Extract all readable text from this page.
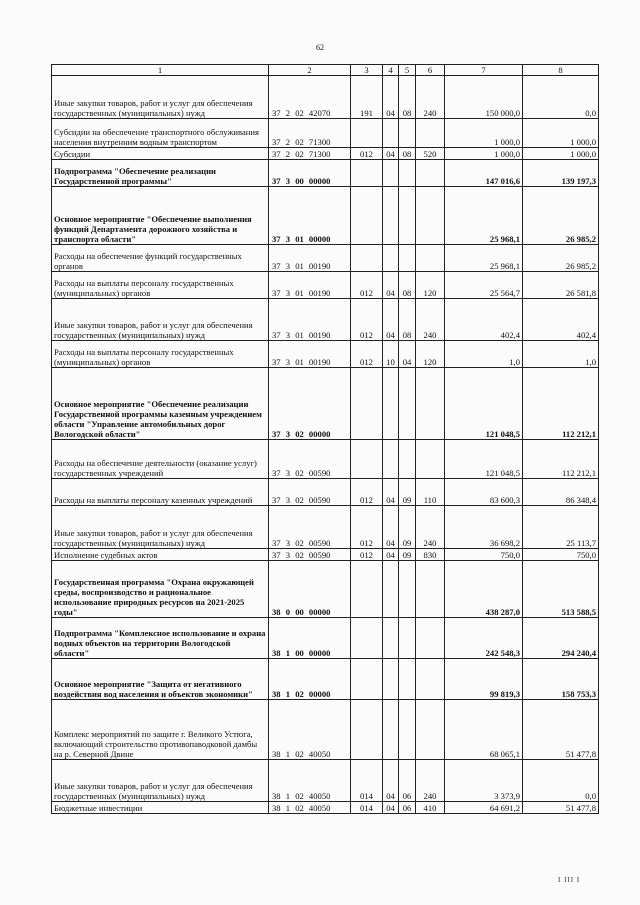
62
1	2	3	4	5	6	7	8
Иные закупки товаров, работ и услуг для обеспечения государственных (муниципальных) нужд	37 2 02 42070	191	04	08	240	150 000,0	0,0
Субсидии на обеспечение транспортного обслуживания населения внутренним водным транспортом	37 2 02 71300					1 000,0	1 000,0
Субсидии	37 2 02 71300	012	04	08	520	1 000,0	1 000,0
Подпрограмма "Обеспечение реализации Государственной программы"	37 3 00 00000					147 016,6	139 197,3
Основное мероприятие "Обеспечение выполнения функций Департамента дорожного хозяйства и транспорта области"	37 3 01 00000					25 968,1	26 985,2
Расходы на обеспечение функций государственных органов	37 3 01 00190					25 968,1	26 985,2
Расходы на выплаты персоналу государственных (муниципальных) органов	37 3 01 00190	012	04	08	120	25 564,7	26 581,8
Иные закупки товаров, работ и услуг для обеспечения государственных (муниципальных) нужд	37 3 01 00190	012	04	08	240	402,4	402,4
Расходы на выплаты персоналу государственных (муниципальных) органов	37 3 01 00190	012	10	04	120	1,0	1,0
Основное мероприятие "Обеспечение реализации Государственной программы казенным учреждением области "Управление автомобильных дорог Вологодской области"	37 3 02 00000					121 048,5	112 212,1
Расходы на обеспечение деятельности (оказание услуг) государственных учреждений	37 3 02 00590					121 048,5	112 212,1
Расходы на выплаты персоналу казенных учреждений	37 3 02 00590	012	04	09	110	83 600,3	86 348,4
Иные закупки товаров, работ и услуг для обеспечения государственных (муниципальных) нужд	37 3 02 00590	012	04	09	240	36 698,2	25 113,7
Исполнение судебных актов	37 3 02 00590	012	04	09	830	750,0	750,0
Государственная программа "Охрана окружающей среды, воспроизводство и рациональное использование природных ресурсов на 2021-2025 годы"	38 0 00 00000					438 287,0	513 588,5
Подпрограмма "Комплексное использование и охрана водных объектов на территории Вологодской области"	38 1 00 00000					242 548,3	294 240,4
Основное мероприятие "Защита от негативного воздействия вод населения и объектов экономики"	38 1 02 00000					99 819,3	158 753,3
Комплекс мероприятий по защите г. Великого Устюга, включающий строительство противопаводковой дамбы на р. Северной Двине	38 1 02 40050					68 065,1	51 477,8
Иные закупки товаров, работ и услуг для обеспечения государственных (муниципальных) нужд	38 1 02 40050	014	04	06	240	3 373,9	0,0
Бюджетные инвестиции	38 1 02 40050	014	04	06	410	64 691,2	51 477,8
I III I
